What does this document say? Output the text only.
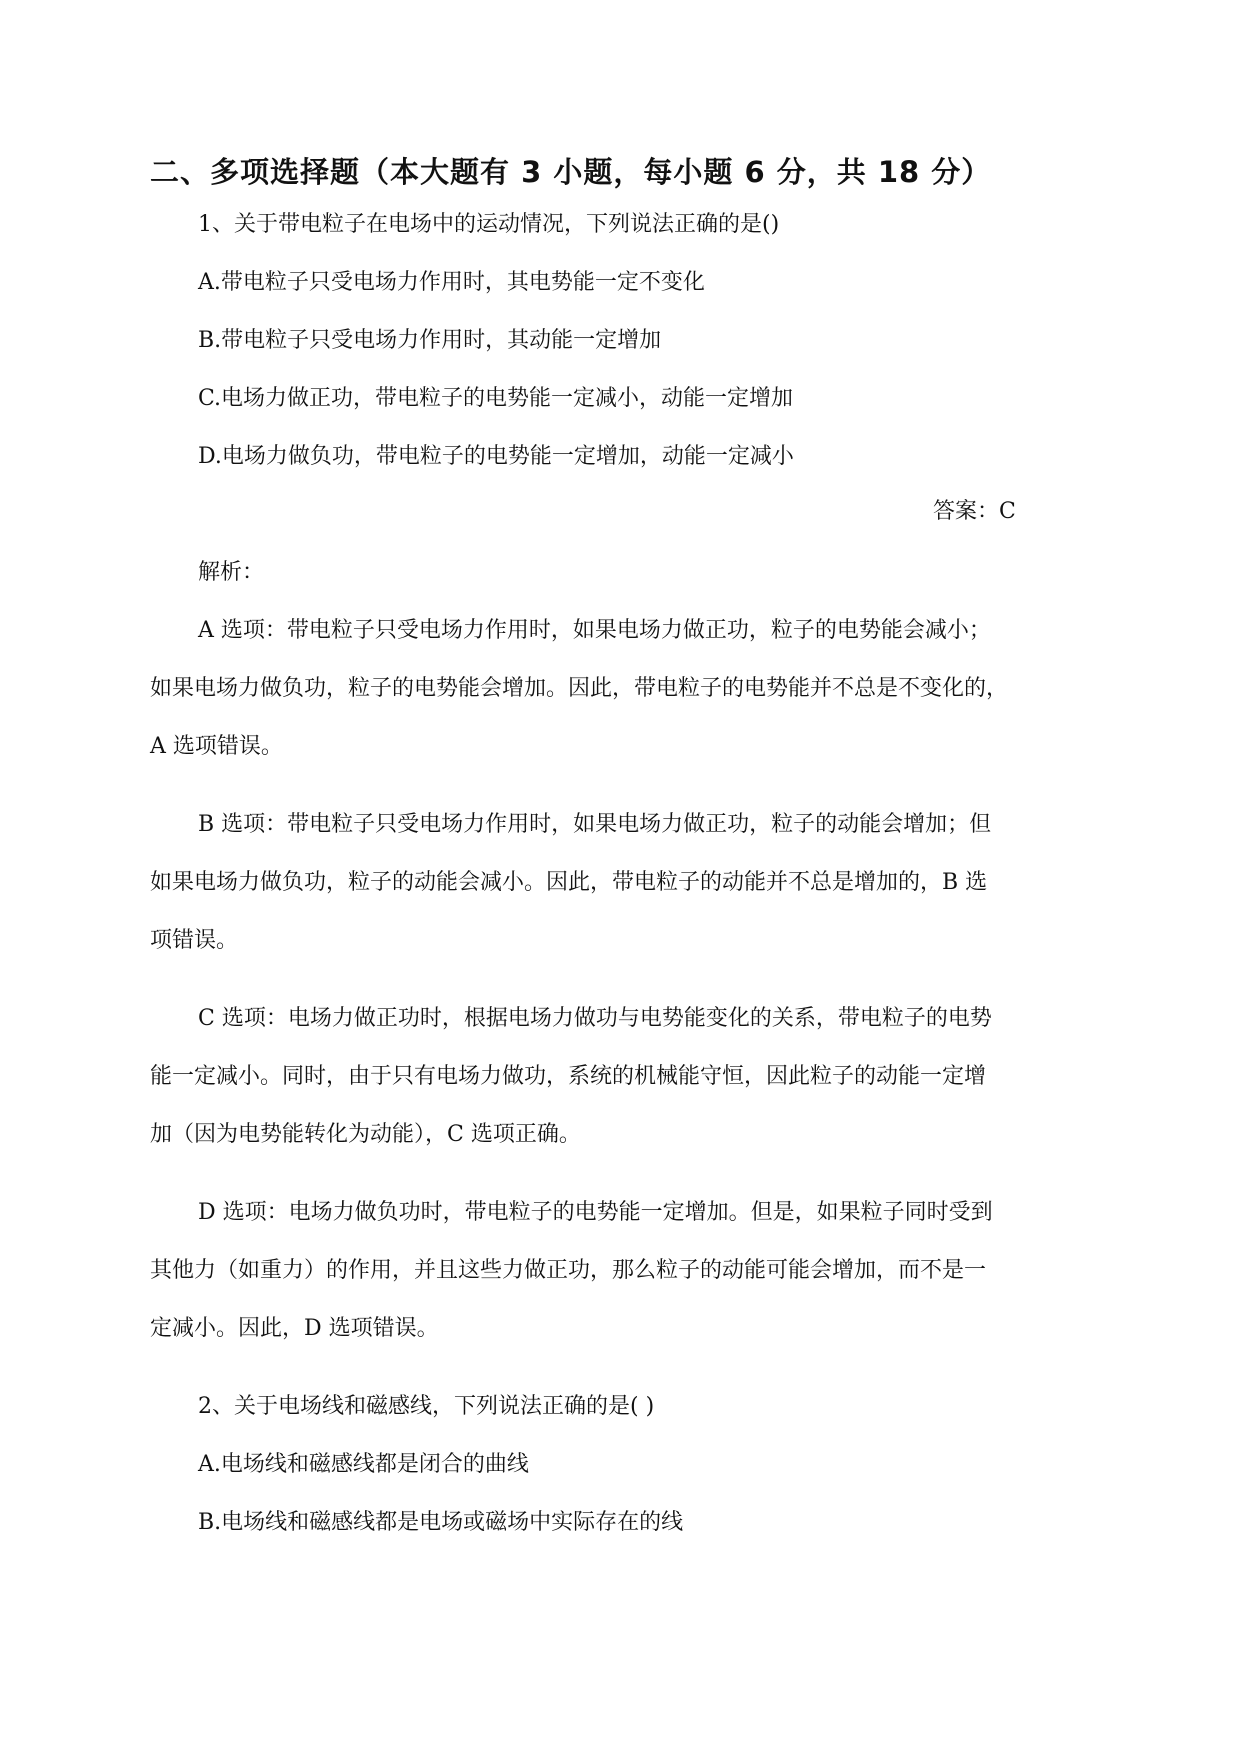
二、多项选择题（本大题有 3 小题，每小题 6 分，共 18 分）
1、关于带电粒子在电场中的运动情况，下列说法正确的是()
A.带电粒子只受电场力作用时，其电势能一定不变化
B.带电粒子只受电场力作用时，其动能一定增加
C.电场力做正功，带电粒子的电势能一定减小，动能一定增加
D.电场力做负功，带电粒子的电势能一定增加，动能一定减小
答案：C
解析：
A 选项：带电粒子只受电场力作用时，如果电场力做正功，粒子的电势能会减小；
如果电场力做负功，粒子的电势能会增加。因此，带电粒子的电势能并不总是不变化的，
A 选项错误。
B 选项：带电粒子只受电场力作用时，如果电场力做正功，粒子的动能会增加；但
如果电场力做负功，粒子的动能会减小。因此，带电粒子的动能并不总是增加的，B 选
项错误。
C 选项：电场力做正功时，根据电场力做功与电势能变化的关系，带电粒子的电势
能一定减小。同时，由于只有电场力做功，系统的机械能守恒，因此粒子的动能一定增
加（因为电势能转化为动能），C 选项正确。
D 选项：电场力做负功时，带电粒子的电势能一定增加。但是，如果粒子同时受到
其他力（如重力）的作用，并且这些力做正功，那么粒子的动能可能会增加，而不是一
定减小。因此，D 选项错误。
2、关于电场线和磁感线，下列说法正确的是( )
A.电场线和磁感线都是闭合的曲线
B.电场线和磁感线都是电场或磁场中实际存在的线
